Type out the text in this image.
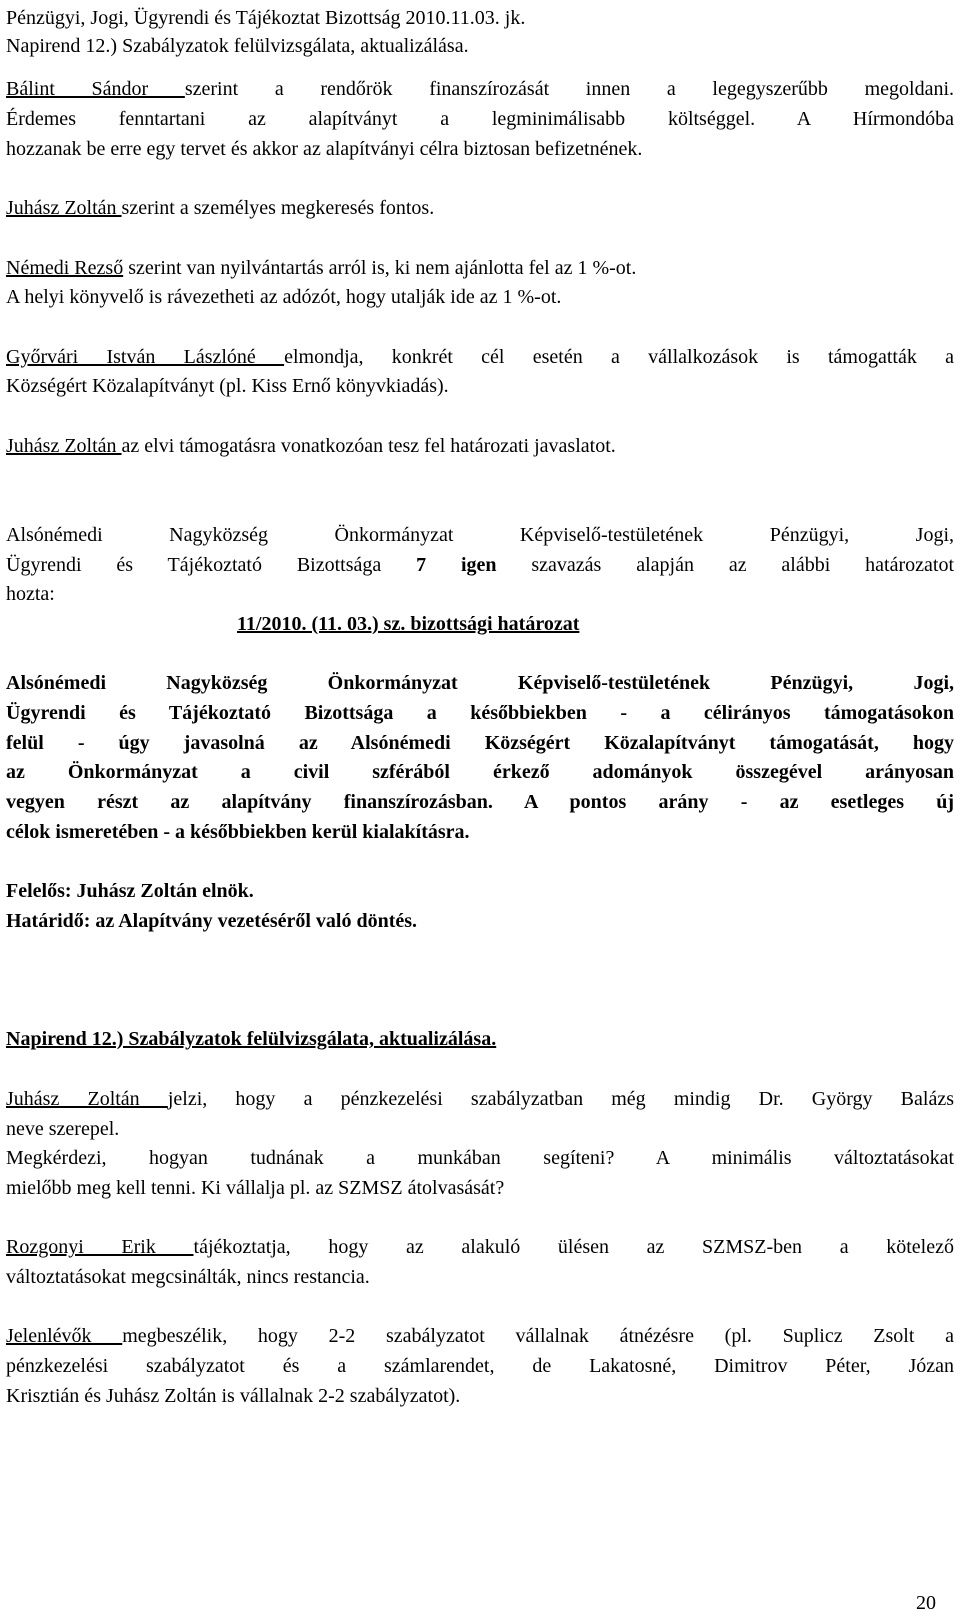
Pénzügyi, Jogi, Ügyrendi és Tájékoztat Bizottság 2010.11.03. jk.
Napirend 12.) Szabályzatok felülvizsgálata, aktualizálása.
Bálint Sándor szerint a rendőrök finanszírozását innen a legegyszerűbb megoldani.
Érdemes fenntartani az alapítványt a legminimálisabb költséggel. A Hírmondóba
hozzanak be erre egy tervet és akkor az alapítványi célra biztosan befizetnének.
Juhász Zoltán szerint a személyes megkeresés fontos.
Némedi Rezső szerint van nyilvántartás arról is, ki nem ajánlotta fel az 1 %-ot.
A helyi könyvelő is rávezetheti az adózót, hogy utalják ide az 1 %-ot.
Győrvári István Lászlóné elmondja, konkrét cél esetén a vállalkozások is támogatták a
Községért Közalapítványt (pl. Kiss Ernő könyvkiadás).
Juhász Zoltán az elvi támogatásra vonatkozóan tesz fel határozati javaslatot.
Alsónémedi Nagyközség Önkormányzat Képviselő-testületének Pénzügyi, Jogi,
Ügyrendi és Tájékoztató Bizottsága 7 igen szavazás alapján az alábbi határozatot
hozta:
11/2010. (11. 03.) sz. bizottsági határozat
Alsónémedi Nagyközség Önkormányzat Képviselő-testületének Pénzügyi, Jogi,
Ügyrendi és Tájékoztató Bizottsága a későbbiekben - a célirányos támogatásokon
felül - úgy javasolná az Alsónémedi Községért Közalapítványt támogatását, hogy
az Önkormányzat a civil szférából érkező adományok összegével arányosan
vegyen részt az alapítvány finanszírozásban. A pontos arány - az esetleges új
célok ismeretében - a későbbiekben kerül kialakításra.
Felelős: Juhász Zoltán elnök.
Határidő: az Alapítvány vezetéséről való döntés.
Napirend 12.) Szabályzatok felülvizsgálata, aktualizálása.
Juhász Zoltán jelzi, hogy a pénzkezelési szabályzatban még mindig Dr. György Balázs
neve szerepel.
Megkérdezi, hogyan tudnának a munkában segíteni? A minimális változtatásokat
mielőbb meg kell tenni. Ki vállalja pl. az SZMSZ átolvasását?
Rozgonyi Erik tájékoztatja, hogy az alakuló ülésen az SZMSZ-ben a kötelező
változtatásokat megcsinálták, nincs restancia.
Jelenlévők megbeszélik, hogy 2-2 szabályzatot vállalnak átnézésre (pl. Suplicz Zsolt a
pénzkezelési szabályzatot és a számlarendet, de Lakatosné, Dimitrov Péter, Józan
Krisztián és Juhász Zoltán is vállalnak 2-2 szabályzatot).
20
